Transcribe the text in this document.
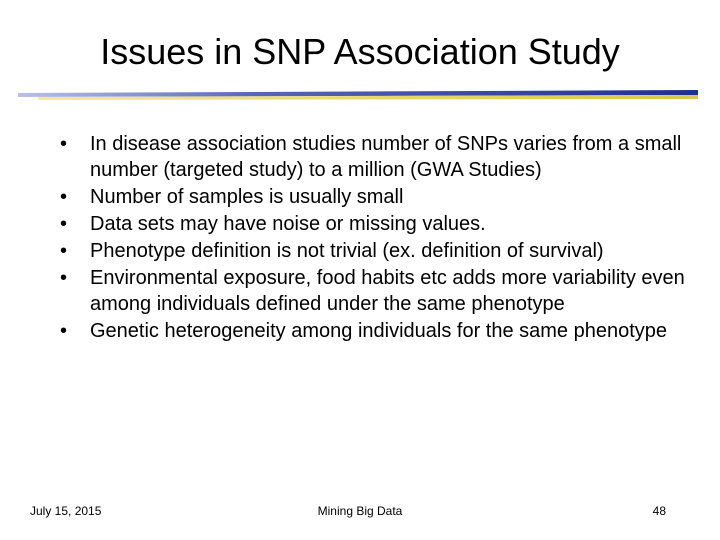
Issues in SNP Association Study
•	In disease association studies number of SNPs varies from a small number (targeted study) to a million (GWA Studies)
•	Number of samples is usually small
•	Data sets may have noise or missing values.
•	Phenotype definition is not trivial (ex. definition of survival)
•	Environmental exposure, food habits etc adds more variability even among individuals defined under the same phenotype
•	Genetic heterogeneity among individuals for the same phenotype
July 15, 2015	Mining Big Data	48
